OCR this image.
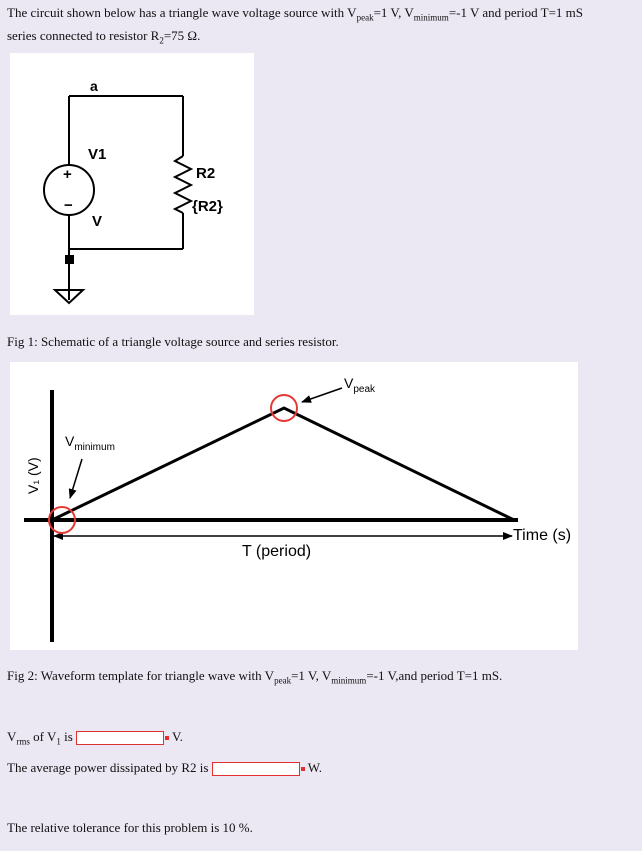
The circuit shown below has a triangle wave voltage source with $V_{peak}=1$ V, $V_{minimum}=-1$ V and period T=1 mS
series connected to resistor $R_2=75$ Ω.
a
V1
V
+
−
R2
{R2}
Fig 1: Schematic of a triangle voltage source and series resistor.
$V_{peak}$
$V_{minimum}$
T (period)
Time (s)
V₁ (V)
Fig 2: Waveform template for triangle wave with $V_{peak}=1$ V, $V_{minimum}=-1$ V,and period T=1 mS.
$V_{rms}$ of $V_1$ is	V.
The average power dissipated by R2 is	W.
The relative tolerance for this problem is 10 %.
